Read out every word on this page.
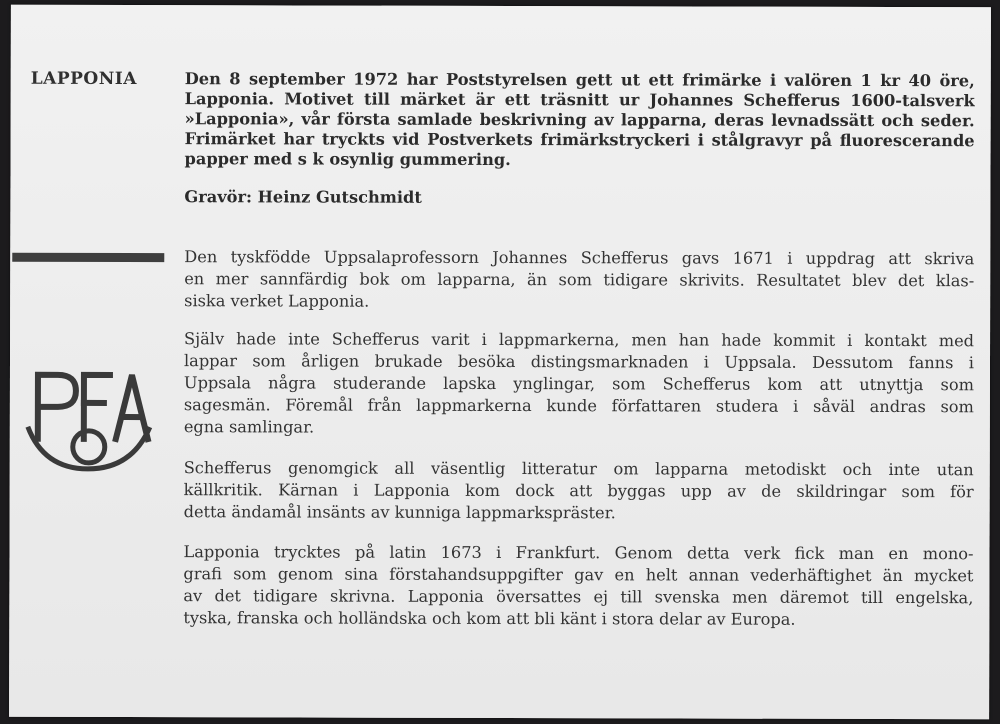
LAPPONIA	Den 8 september 1972 har Poststyrelsen gett ut ett frimärke i valören 1 kr 40 öre,
Lapponia. Motivet till märket är ett träsnitt ur Johannes Schefferus 1600-talsverk
»Lapponia», vår första samlade beskrivning av lapparna, deras levnadssätt och seder.
Frimärket har tryckts vid Postverkets frimärkstryckeri i stålgravyr på fluorescerande
papper med s k osynlig gummering.

Gravör: Heinz Gutschmidt

Den tyskfödde Uppsalaprofessorn Johannes Schefferus gavs 1671 i uppdrag att skriva
en mer sannfärdig bok om lapparna, än som tidigare skrivits. Resultatet blev det klas-
siska verket Lapponia.

Själv hade inte Schefferus varit i lappmarkerna, men han hade kommit i kontakt med
lappar som årligen brukade besöka distingsmarknaden i Uppsala. Dessutom fanns i
Uppsala några studerande lapska ynglingar, som Schefferus kom att utnyttja som
sagesmän. Föremål från lappmarkerna kunde författaren studera i såväl andras som
egna samlingar.

Schefferus genomgick all väsentlig litteratur om lapparna metodiskt och inte utan
källkritik. Kärnan i Lapponia kom dock att byggas upp av de skildringar som för
detta ändamål insänts av kunniga lappmarkspräster.

Lapponia trycktes på latin 1673 i Frankfurt. Genom detta verk fick man en mono-
grafi som genom sina förstahandsuppgifter gav en helt annan vederhäftighet än mycket
av det tidigare skrivna. Lapponia översattes ej till svenska men däremot till engelska,
tyska, franska och holländska och kom att bli känt i stora delar av Europa.
